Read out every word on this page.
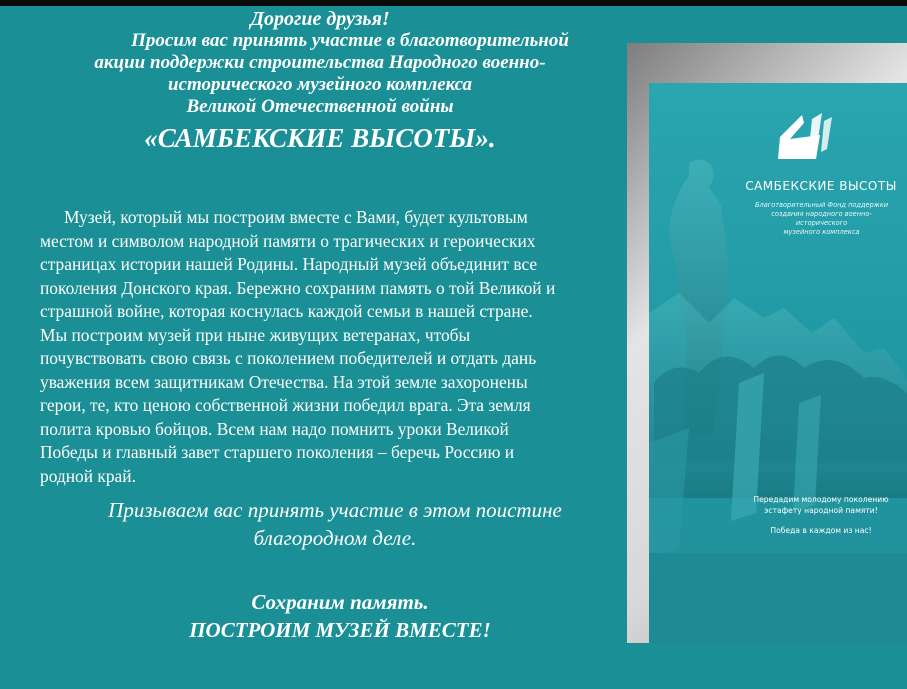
Дорогие друзья!
Просим вас принять участие в благотворительной
акции поддержки строительства Народного военно-
исторического музейного комплекса
Великой Отечественной войны
«САМБЕКСКИЕ ВЫСОТЫ».
Музей, который мы построим вместе с Вами, будет культовым
местом и символом народной памяти о трагических и героических
страницах истории нашей Родины. Народный музей объединит все
поколения Донского края. Бережно сохраним память о той Великой и
страшной войне, которая коснулась каждой семьи в нашей стране.
Мы построим музей при ныне живущих ветеранах, чтобы
почувствовать свою связь с поколением победителей и отдать дань
уважения всем защитникам Отечества. На этой земле захоронены
герои, те, кто ценою собственной жизни победил врага. Эта земля
полита кровью бойцов. Всем нам надо помнить уроки Великой
Победы и главный завет старшего поколения – беречь Россию и
родной край.
Призываем вас принять участие в этом поистине
благородном деле.
Сохраним память.
ПОСТРОИМ МУЗЕЙ ВМЕСТЕ!
САМБЕКСКИЕ ВЫСОТЫ
Благотворительный Фонд поддержки
создания народного военно-исторического
музейного комплекса
Передадим молодому поколению
эстафету народной памяти!
Победа в каждом из нас!
